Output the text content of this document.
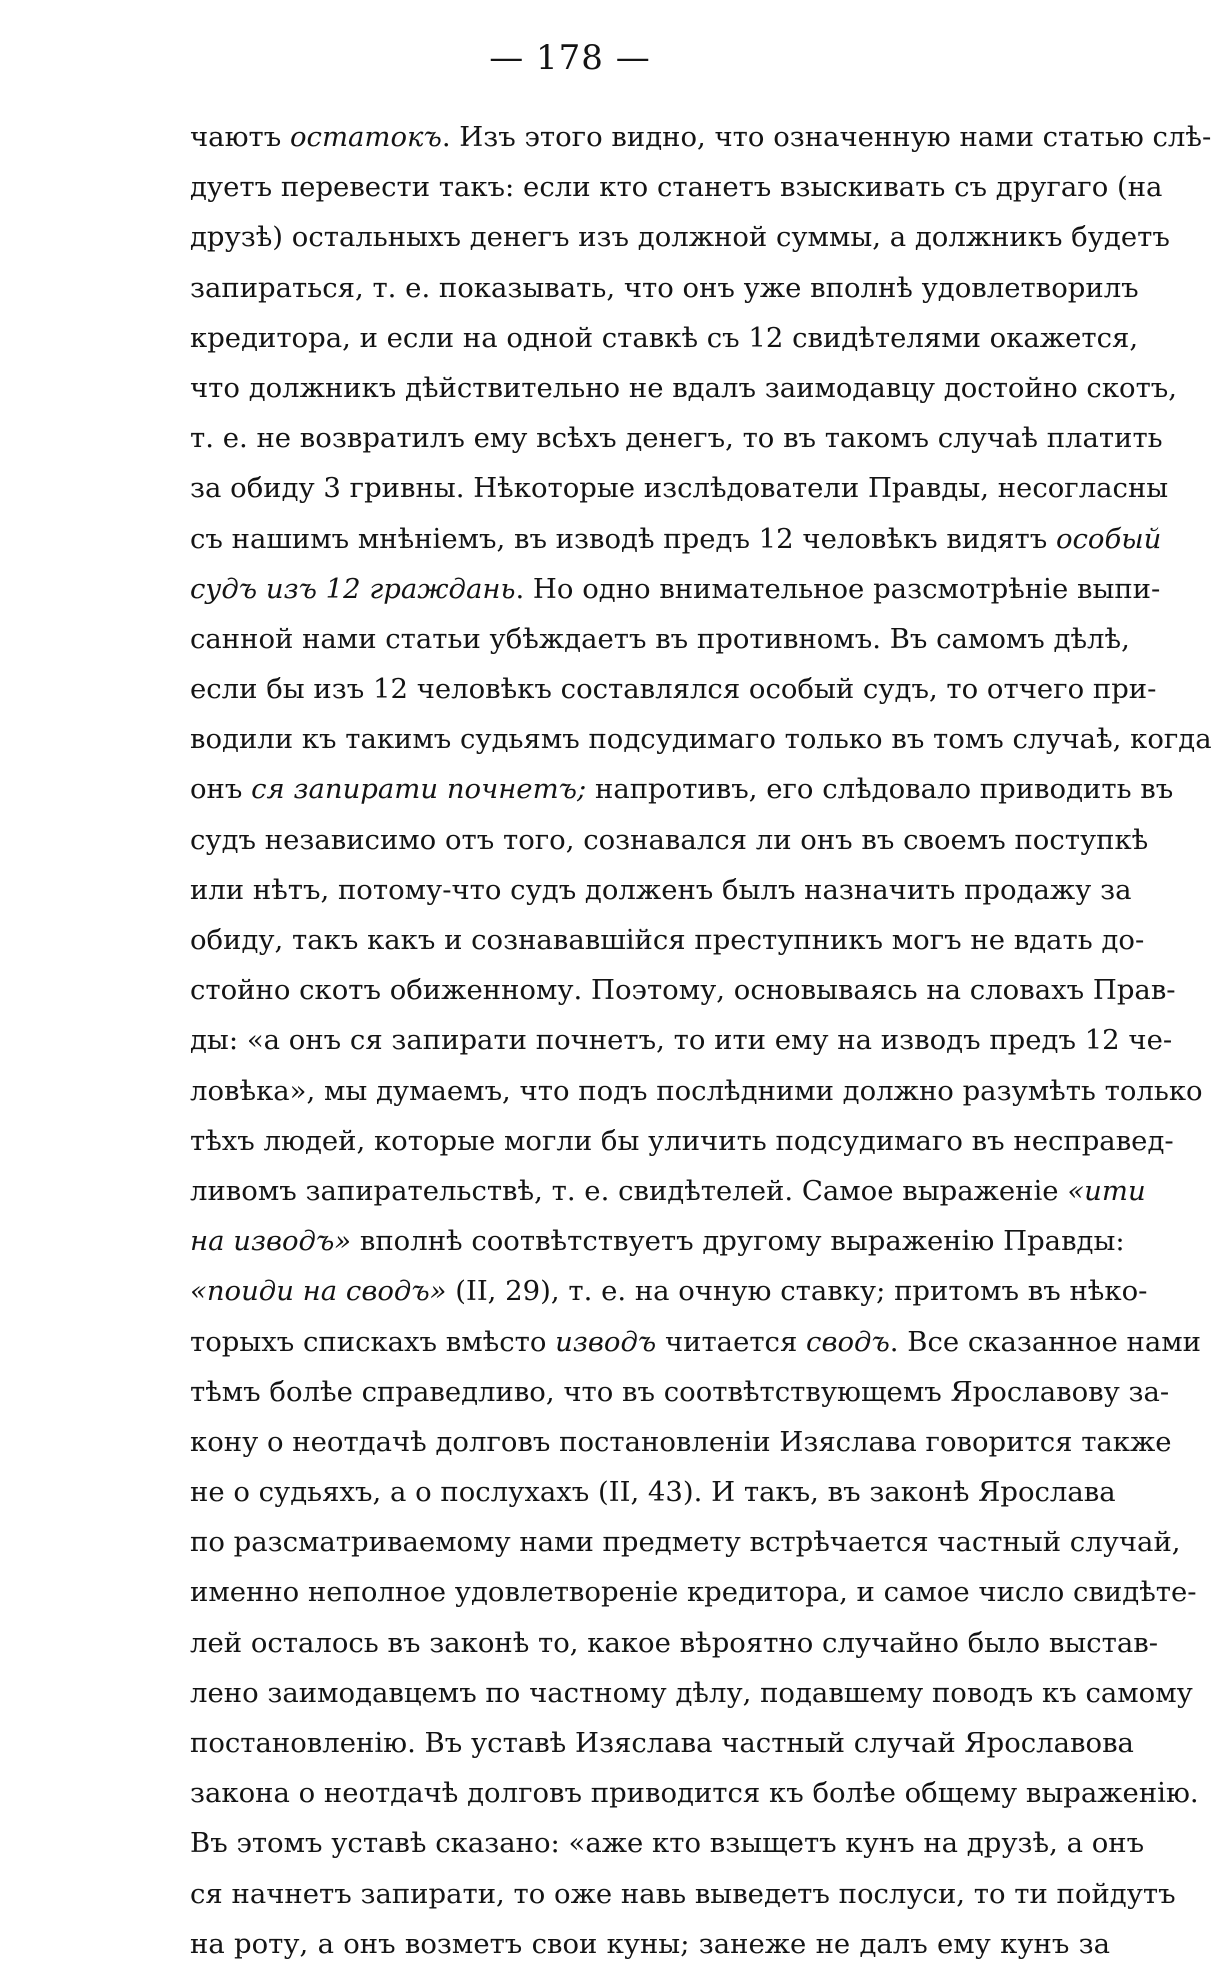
— 178 —
чаютъ остатокъ. Изъ этого видно, что означенную нами статью слѣ-
дуетъ перевести такъ: если кто станетъ взыскивать съ другаго (на
друзѣ) остальныхъ денегъ изъ должной суммы, а должникъ будетъ
запираться, т. е. показывать, что онъ уже вполнѣ удовлетворилъ
кредитора, и если на одной ставкѣ съ 12 свидѣтелями окажется,
что должникъ дѣйствительно не вдалъ заимодавцу достойно скотъ,
т. е. не возвратилъ ему всѣхъ денегъ, то въ такомъ случаѣ платить
за обиду 3 гривны. Нѣкоторые изслѣдователи Правды, несогласны
съ нашимъ мнѣніемъ, въ изводѣ предъ 12 человѣкъ видятъ особый
судъ изъ 12 граждань. Но одно внимательное разсмотрѣніе выпи-
санной нами статьи убѣждаетъ въ противномъ. Въ самомъ дѣлѣ,
если бы изъ 12 человѣкъ составлялся особый судъ, то отчего при-
водили къ такимъ судьямъ подсудимаго только въ томъ случаѣ, когда
онъ ся запирати почнетъ; напротивъ, его слѣдовало приводить въ
судъ независимо отъ того, сознавался ли онъ въ своемъ поступкѣ
или нѣтъ, потому-что судъ долженъ былъ назначить продажу за
обиду, такъ какъ и сознававшійся преступникъ могъ не вдать до-
стойно скотъ обиженному. Поэтому, основываясь на словахъ Прав-
ды: «а онъ ся запирати почнетъ, то ити ему на изводъ предъ 12 че-
ловѣка», мы думаемъ, что подъ послѣдними должно разумѣть только
тѣхъ людей, которые могли бы уличить подсудимаго въ несправед-
ливомъ запирательствѣ, т. е. свидѣтелей. Самое выраженіе «ити
на изводъ» вполнѣ соотвѣтствуетъ другому выраженію Правды:
«поиди на сводъ» (II, 29), т. е. на очную ставку; притомъ въ нѣко-
торыхъ спискахъ вмѣсто изводъ читается сводъ. Все сказанное нами
тѣмъ болѣе справедливо, что въ соотвѣтствующемъ Ярославову за-
кону о неотдачѣ долговъ постановленіи Изяслава говорится также
не о судьяхъ, а о послухахъ (II, 43). И такъ, въ законѣ Ярослава
по разсматриваемому нами предмету встрѣчается частный случай,
именно неполное удовлетвореніе кредитора, и самое число свидѣте-
лей осталось въ законѣ то, какое вѣроятно случайно было выстав-
лено заимодавцемъ по частному дѣлу, подавшему поводъ къ самому
постановленію. Въ уставѣ Изяслава частный случай Ярославова
закона о неотдачѣ долговъ приводится къ болѣе общему выраженію.
Въ этомъ уставѣ сказано: «аже кто взыщетъ кунъ на друзѣ, а онъ
ся начнетъ запирати, то оже навь выведетъ послуси, то ти пойдутъ
на роту, а онъ возметъ свои куны; занеже не далъ ему кунъ за
